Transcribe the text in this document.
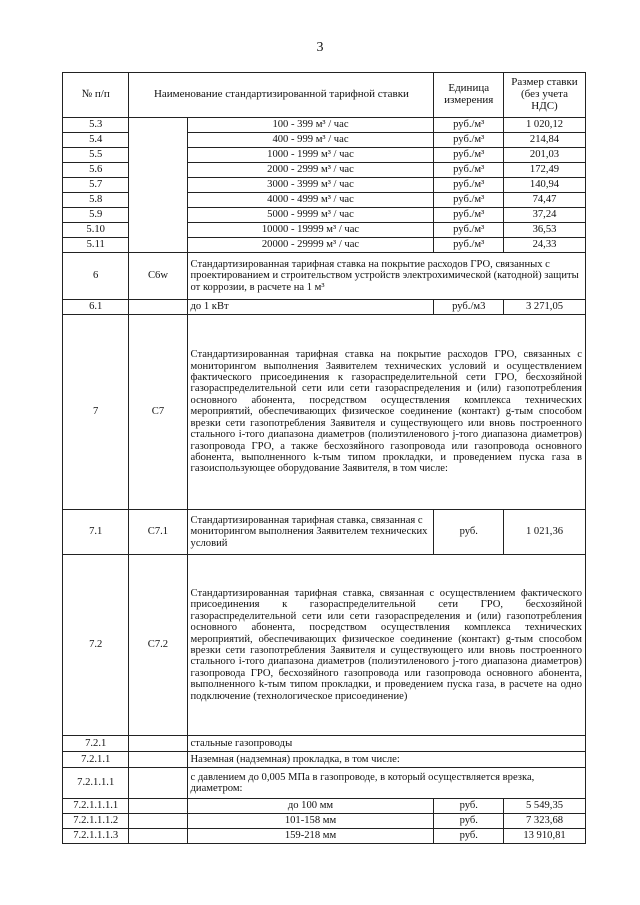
3
№ п/п	Наименование стандартизированной тарифной ставки		Единица измерения	Размер ставки (без учета НДС)
5.3		100 - 399 м³ / час	руб./м³	1 020,12
5.4		400 - 999 м³ / час	руб./м³	214,84
5.5		1000 - 1999 м³ / час	руб./м³	201,03
5.6		2000 - 2999 м³ / час	руб./м³	172,49
5.7		3000 - 3999 м³ / час	руб./м³	140,94
5.8		4000 - 4999 м³ / час	руб./м³	74,47
5.9		5000 - 9999 м³ / час	руб./м³	37,24
5.10		10000 - 19999 м³ / час	руб./м³	36,53
5.11		20000 - 29999 м³ / час	руб./м³	24,33
6	C6w	Стандартизированная тарифная ставка на покрытие расходов ГРО, связанных с проектированием и строительством устройств электрохимической (катодной) защиты от коррозии, в расчете на 1 м³		
6.1		до 1 кВт	руб./м3	3 271,05
7	C7	Стандартизированная тарифная ставка на покрытие расходов ГРО, связанных с мониторингом выполнения Заявителем технических условий и осуществлением фактического присоединения к газораспределительной сети ГРО, бесхозяйной газораспределительной сети или сети газораспределения и (или) газопотребления основного абонента, посредством осуществления комплекса технических мероприятий, обеспечивающих физическое соединение (контакт) g-тым способом врезки сети газопотребления Заявителя и существующего или вновь построенного стального i-того диапазона диаметров (полиэтиленового j-того диапазона диаметров) газопровода ГРО, а также бесхозяйного газопровода или газопровода основного абонента, выполненного k-тым типом прокладки, и проведением пуска газа в газоиспользующее оборудование Заявителя, в том числе:		
7.1	C7.1	Стандартизированная тарифная ставка, связанная с мониторингом выполнения Заявителем технических условий	руб.	1 021,36
7.2	C7.2	Стандартизированная тарифная ставка, связанная с осуществлением фактического присоединения к газораспределительной сети ГРО, бесхозяйной газораспределительной сети или сети газораспределения и (или) газопотребления основного абонента, посредством осуществления комплекса технических мероприятий, обеспечивающих физическое соединение (контакт) g-тым способом врезки сети газопотребления Заявителя и существующего или вновь построенного стального i-того диапазона диаметров (полиэтиленового j-того диапазона диаметров) газопровода ГРО, бесхозяйного газопровода или газопровода основного абонента, выполненного k-тым типом прокладки, и проведением пуска газа, в расчете на одно подключение (технологическое присоединение)		
7.2.1		стальные газопроводы		
7.2.1.1		Наземная (надземная) прокладка, в том числе:		
7.2.1.1.1		с давлением до 0,005 МПа в газопроводе, в который осуществляется врезка, диаметром:		
7.2.1.1.1.1		до 100 мм	руб.	5 549,35
7.2.1.1.1.2		101-158 мм	руб.	7 323,68
7.2.1.1.1.3		159-218 мм	руб.	13 910,81
